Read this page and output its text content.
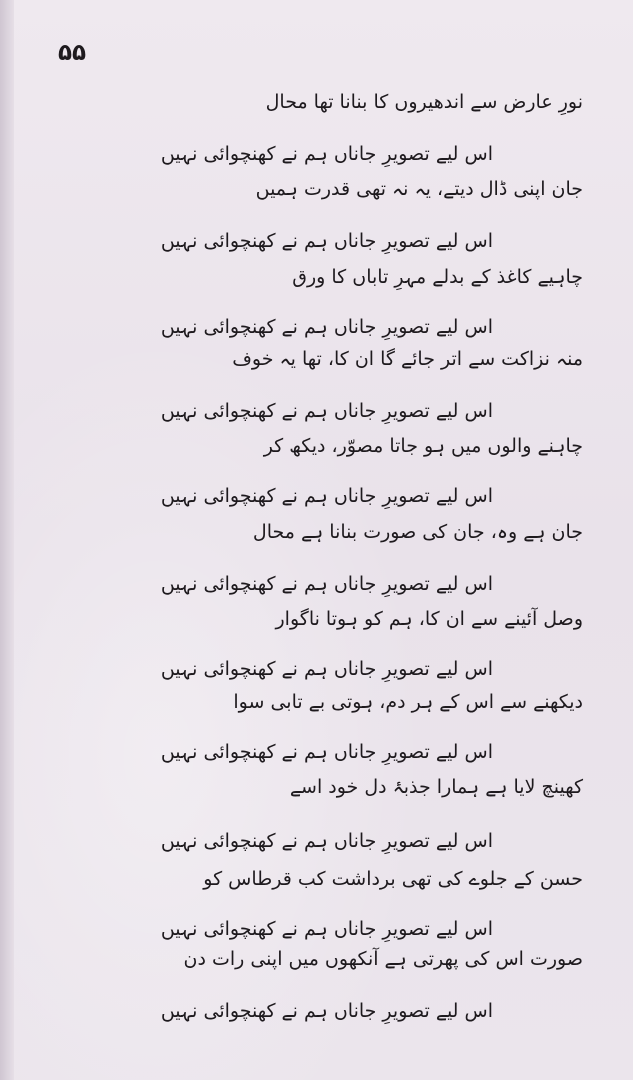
۵۵
نورِ عارض سے اندھیروں کا بنانا تھا محال
اس لیے تصویرِ جاناں ہم نے کھنچوائی نہیں
جان اپنی ڈال دیتے، یہ نہ تھی قدرت ہمیں
اس لیے تصویرِ جاناں ہم نے کھنچوائی نہیں
چاہیے کاغذ کے بدلے مہرِ تاباں کا ورق
اس لیے تصویرِ جاناں ہم نے کھنچوائی نہیں
منہ نزاکت سے اتر جائے گا ان کا، تھا یہ خوف
اس لیے تصویرِ جاناں ہم نے کھنچوائی نہیں
چاہنے والوں میں ہو جاتا مصوّر، دیکھ کر
اس لیے تصویرِ جاناں ہم نے کھنچوائی نہیں
جان ہے وہ، جان کی صورت بنانا ہے محال
اس لیے تصویرِ جاناں ہم نے کھنچوائی نہیں
وصل آئینے سے ان کا، ہم کو ہوتا ناگوار
اس لیے تصویرِ جاناں ہم نے کھنچوائی نہیں
دیکھنے سے اس کے ہر دم، ہوتی بے تابی سوا
اس لیے تصویرِ جاناں ہم نے کھنچوائی نہیں
کھینچ لایا ہے ہمارا جذبۂ دل خود اسے
اس لیے تصویرِ جاناں ہم نے کھنچوائی نہیں
حسن کے جلوے کی تھی برداشت کب قرطاس کو
اس لیے تصویرِ جاناں ہم نے کھنچوائی نہیں
صورت اس کی پھرتی ہے آنکھوں میں اپنی رات دن
اس لیے تصویرِ جاناں ہم نے کھنچوائی نہیں
